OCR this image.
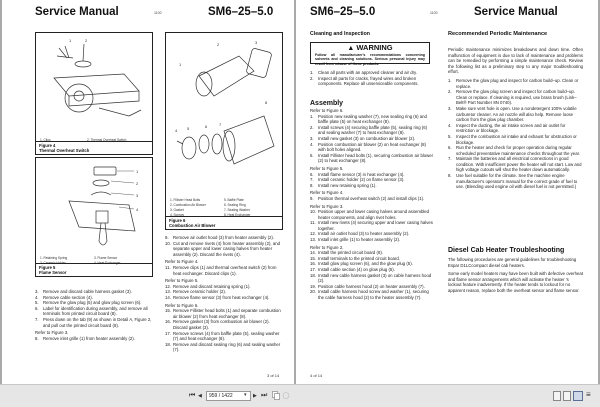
Service Manual	1100	SM6–25–5.0
1	2
1. Clips	2. Thermal Overheat Switch
Figure 4
Thermal Overheat Switch
1
2
3
4
1. Retaining Spring	3. Flame Sensor
2. Ceramic Holder	4. Heat Exchanger
Figure 5
Flame Sensor
3. Remove and discard cable harness gasket (3).
4. Remove cable section (4).
5. Remove the glow plug (5) and glow plug screen (6).
6. Label for identification during assembly, and remove all terminals from printed circuit board (8).
7. Press down on the tab (9) as shown in Detail A, Figure 2, and pull out the printed circuit board (8).
Refer to Figure 3.
8. Remove inlet grille (1) from heater assembly (2).
1
2	3
4 5	6	7
8
1. Fillister Head Bolts	5. Baffle Plate
2. Combustion Air Blower	6. Sealing Ring
3. Gasket	7. Sealing Washer
4. Screws	8. Heat Exchanger
Figure 6
Combustion Air Blower
9. Remove air outlet hood (3) from heater assembly (2).
10. Cut and remove rivets (4) from heater assembly (2), and separate upper and lower casing halves from heater assembly (2). Discard the rivets (4).
Refer to Figure 4.
11. Remove clips (1) and thermal overheat switch (2) from heat exchanger. Discard clips (1).
Refer to Figure 5.
12. Remove and discard retaining spring (1).
13. Remove ceramic holder (2).
14. Remove flame sensor (3) from heat exchanger (4).
Refer to Figure 6.
15. Remove Fillister head bolts (1) and separate combustion air blower (2) from heat exchanger (8).
16. Remove gasket (3) from combustion air blower (2). Discard gasket (3).
17. Remove screws (4) from baffle plate (5), sealing washer (7) and heat exchanger (8).
18. Remove and discard sealing ring (6) and sealing washer (7).
3 of 14
SM6–25–5.0	1100	Service Manual
Cleaning and Inspection
▲ WARNING
Follow all manufacturer's recommendations concerning solvents and cleaning solutions. Serious personal injury may result from misuse of these products.
1. Clean all parts with an approved cleaner and air dry.
2. Inspect all parts for cracks, frayed wires and broken components. Replace all unserviceable components.
Assembly
Refer to Figure 6.
1. Position new sealing washer (7), new sealing ring (6) and baffle plate (5) on heat exchanger (8).
2. Install screws (4) securing baffle plate (5), sealing ring (6) and sealing washer (7) to heat exchanger (8).
3. Install new gasket (3) on combustion air blower (2).
4. Position combustion air blower (2) on heat exchanger (8) with bolt holes aligned.
5. Install Fillister head bolts (1), securing combustion air blower (2) to heat exchanger (8).
Refer to Figure 5.
6. Install flame sensor (3) in heat exchanger (4).
7. Install ceramic holder (2) on flame sensor (3).
8. Install new retaining spring (1).
Refer to Figure 4.
9. Position thermal overheat switch (2) and install clips (1).
Refer to Figure 3.
10. Position upper and lower casing halves around assembled heater components, and align rivet holes.
11. Install new rivets (4) securing upper and lower casing halves together.
12. Install air outlet hood (3) to heater assembly (2).
13. Install inlet grille (1) to heater assembly (2).
Refer to Figure 2.
14. Install the printed circuit board (8).
15. Install terminals to the printed circuit board.
16. Install glow plug screen (6), and the glow plug (5).
17. Install cable section (4) on glow plug (5).
18. Install new cable harness gasket (3) on cable harness hood (2).
19. Position cable harness hood (2) on heater assembly (7).
20. Install cable harness hood screw and washer (1), securing the cable harness hood (2) to the heater assembly (7).
Recommended Periodic Maintenance
Periodic maintenance minimizes breakdowns and down time. Often malfunction of equipment is due to lack of maintenance and problems can be remedied by performing a simple maintenance check. Review the following list as a preliminary step to any major troubleshooting effort.
1. Remove the glow plug and inspect for carbon build–up. Clean or replace.
2. Remove the glow plug screen and inspect for carbon build–up. Clean or replace. If cleaning is required, use brass brush (Link–Belt® Part Number 8N 0740).
3. Make sure vent hole is open. Use a nondetergent 100% volatile carburetor cleaner. An air nozzle will also help. Remove loose carbon from the glow plug chamber.
4. Inspect the ducting, the air intake screen and air outlet for restriction or blockage.
5. Inspect the combustion air intake and exhaust for obstruction or blockage.
6. Run the heater and check for proper operation during regular scheduled preventative maintenance checks throughout the year.
7. Maintain the batteries and all electrical connections in good condition. With insufficient power the heater will not start. Low and high voltage cutouts will shut the heater down automatically.
8. Use fuel suitable for the climate. See the machine engine manufacturer's operator's manual for the correct grade of fuel to use. (Blending used engine oil with diesel fuel is not permitted.)
Diesel Cab Heater Troubleshooting
The following procedures are general guidelines for troubleshooting Espar D1LCcompact diesel cab heaters.
Some early model heaters may have been built with defective overheat and flame sensor arrangements which will activate the heater 's lockout feature inadvertently. If the heater tends to lockout for no apparent reason, replace both the overheat sensor and flame sensor.
4 of 14
⏮ ◀	959 / 1422	▾ ▶ ⏭	≡
